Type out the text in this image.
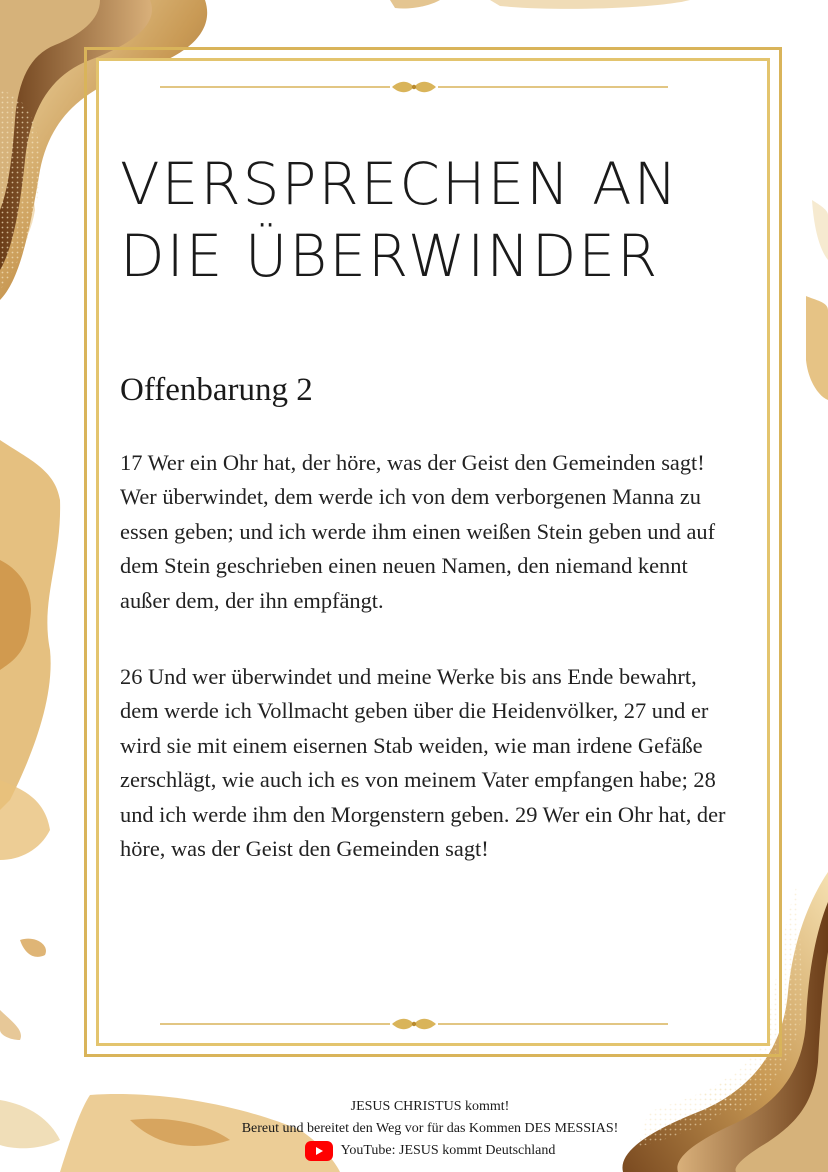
VERSPRECHEN AN
DIE ÜBERWINDER
Offenbarung 2

17 Wer ein Ohr hat, der höre, was der Geist den Gemeinden sagt! Wer überwindet, dem werde ich von dem verborgenen Manna zu essen geben; und ich werde ihm einen weißen Stein geben und auf dem Stein geschrieben einen neuen Namen, den niemand kennt außer dem, der ihn empfängt.

26 Und wer überwindet und meine Werke bis ans Ende bewahrt, dem werde ich Vollmacht geben über die Heidenvölker, 27 und er wird sie mit einem eisernen Stab weiden, wie man irdene Gefäße zerschlägt, wie auch ich es von meinem Vater empfangen habe; 28 und ich werde ihm den Morgenstern geben. 29 Wer ein Ohr hat, der höre, was der Geist den Gemeinden sagt!

JESUS CHRISTUS kommt!
Bereut und bereitet den Weg vor für das Kommen DES MESSIAS!
YouTube: JESUS kommt Deutschland
